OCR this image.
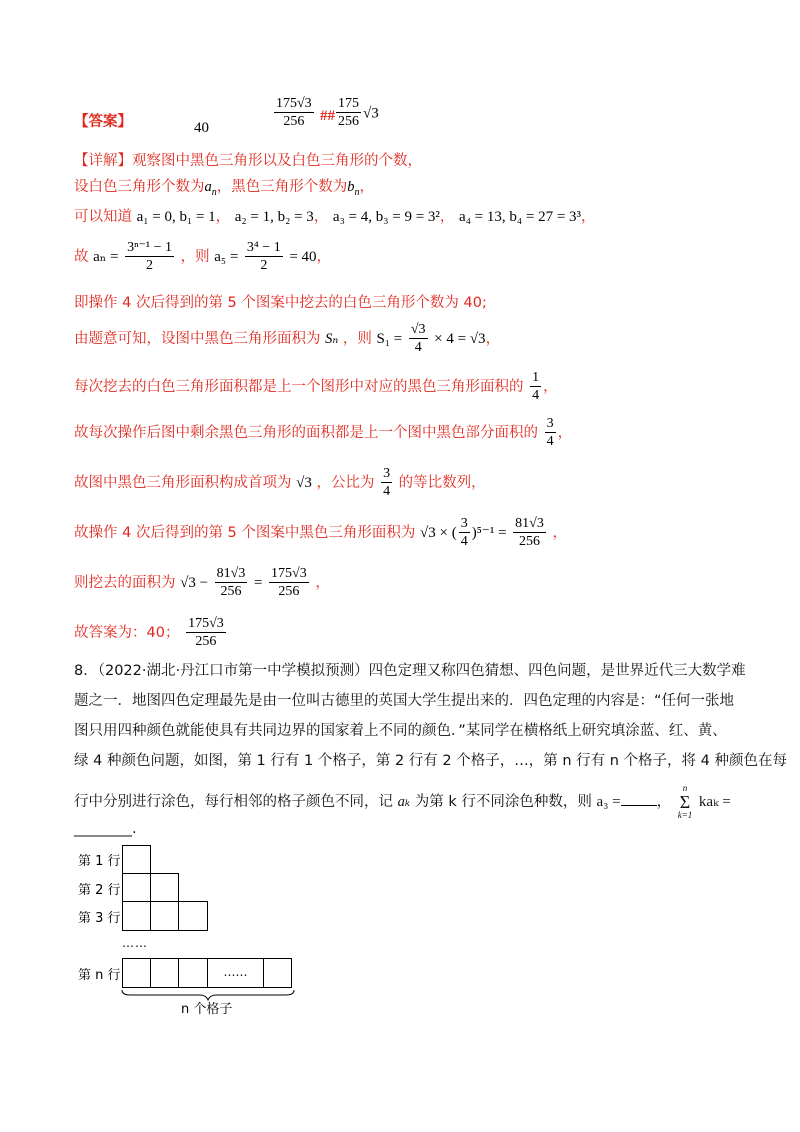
【答案】	40	$\frac{175√3}{256}$ ## $\frac{175}{256} √3$
【详解】观察图中黑色三角形以及白色三角形的个数，
设白色三角形个数为$a_n$，黑色三角形个数为$b_n$，
可以知道 a₁ = 0, b₁ = 1， a₂ = 1, b₂ = 3， a₃ = 4, b₃ = 9 = 3²， a₄ = 13, b₄ = 27 = 3³，
故 $a_n = \frac{\text{3ⁿ⁻¹ − 1}}{2}$ ，则 $a_5 = \frac{\text{3⁴ − 1}}{2} = 40$，
即操作 4 次后得到的第 5 个图案中挖去的白色三角形个数为 40;
由题意可知，设图中黑色三角形面积为 Sₙ ，则 $S_1 = \frac{√3}{4} \times 4 = √3$，
每次挖去的白色三角形面积都是上一个图形中对应的黑色三角形面积的 $\frac{1}{4}$ ，
故每次操作后图中剩余黑色三角形的面积都是上一个图中黑色部分面积的 $\frac{3}{4}$ ，
故图中黑色三角形面积构成首项为 √3 ，公比为 $\frac{3}{4}$ 的等比数列，
故操作 4 次后得到的第 5 个图案中黑色三角形面积为 √3 × ( $\frac{3}{4} )^{5-1} = \frac{81√3}{256}$ ，
则挖去的面积为 $√3 - \frac{81√3}{256} = \frac{175√3}{256}$ ，
故答案为：40； $\frac{175√3}{256}$
8．（2022·湖北·丹江口市第一中学模拟预测）四色定理又称四色猜想、四色问题，是世界近代三大数学难
题之一．地图四色定理最先是由一位叫古德里的英国大学生提出来的．四色定理的内容是：“任何一张地
图只用四种颜色就能使具有共同边界的国家着上不同的颜色．”某同学在横格纸上研究填涂蓝、红、黄、
绿 4 种颜色问题，如图，第 1 行有 1 个格子，第 2 行有 2 个格子，…，第 n 行有 n 个格子，将 4 种颜色在每
行中分别进行涂色，每行相邻的格子颜色不同，记 aₖ 为第 k 行不同涂色种数，则 a₃ = ，
n
Σ
k=1
kaₖ =
________.
第 1 行
第 2 行
第 3 行
……
第 n 行	……
n 个格子
